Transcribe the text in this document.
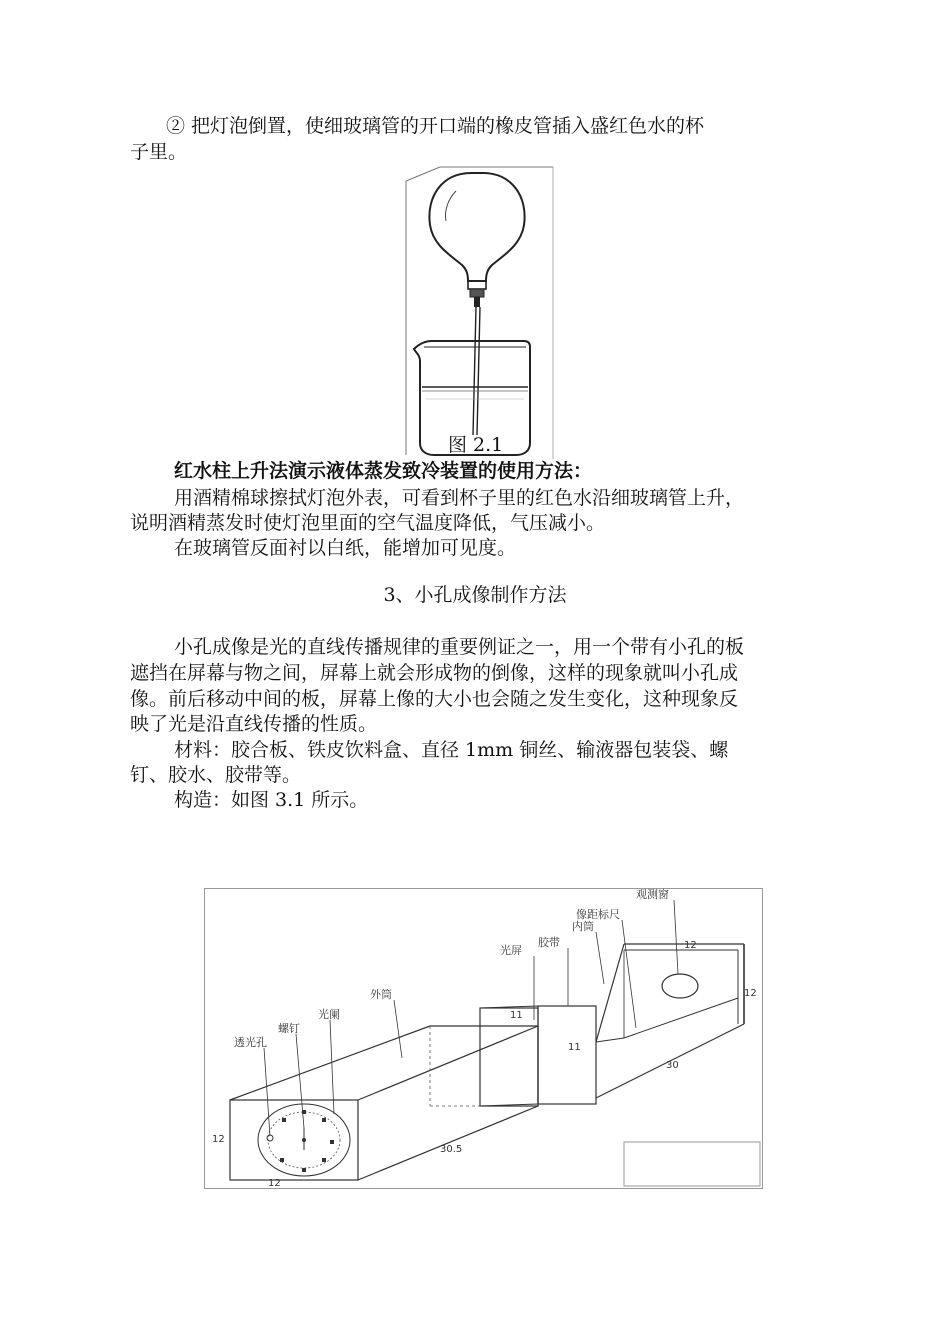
② 把灯泡倒置，使细玻璃管的开口端的橡皮管插入盛红色水的杯
子里。
图 2.1
红水柱上升法演示液体蒸发致冷装置的使用方法：
用酒精棉球擦拭灯泡外表，可看到杯子里的红色水沿细玻璃管上升，
说明酒精蒸发时使灯泡里面的空气温度降低，气压减小。
在玻璃管反面衬以白纸，能增加可见度。
3、小孔成像制作方法
小孔成像是光的直线传播规律的重要例证之一，用一个带有小孔的板
遮挡在屏幕与物之间，屏幕上就会形成物的倒像，这样的现象就叫小孔成
像。前后移动中间的板，屏幕上像的大小也会随之发生变化，这种现象反
映了光是沿直线传播的性质。
材料：胶合板、铁皮饮料盒、直径 1mm 铜丝、输液器包装袋、螺
钉、胶水、胶带等。
构造：如图 3.1 所示。
透光孔
螺钉
光阑
外筒
光屏
胶带
内筒
像距标尺
观测窗
12
12
30.5
11
11
30
12
12
